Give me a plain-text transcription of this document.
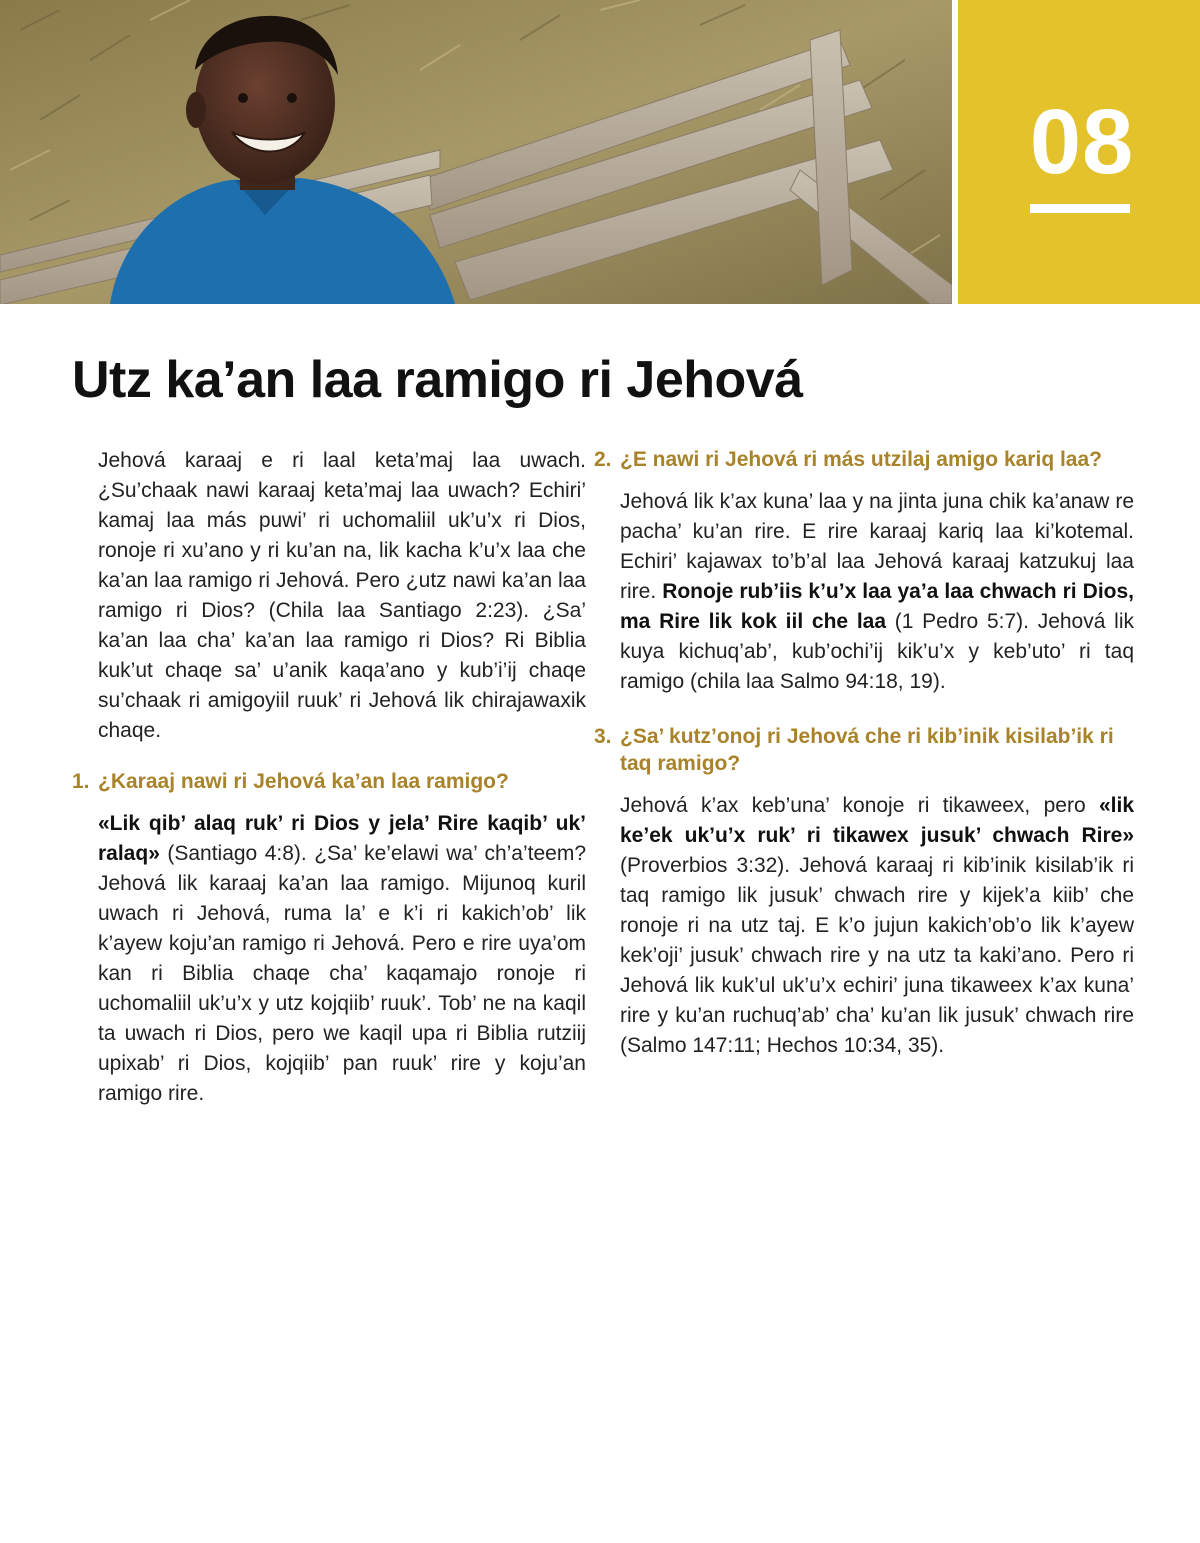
08
Utz ka’an laa ramigo ri Jehová

Jehová karaaj e ri laal keta’maj laa uwach. ¿Su’chaak nawi karaaj keta’maj laa uwach? Echiri’ kamaj laa más puwi’ ri uchomaliil uk’u’x ri Dios, ronoje ri xu’ano y ri ku’an na, lik kacha k’u’x laa che ka’an laa ramigo ri Jehová. Pero ¿utz nawi ka’an laa ramigo ri Dios? (Chila laa Santiago 2:23). ¿Sa’ ka’an laa cha’ ka’an laa ramigo ri Dios? Ri Biblia kuk’ut chaqe sa’ u’anik kaqa’ano y kub’i’ij chaqe su’chaak ri amigoyiil ruuk’ ri Jehová lik chirajawaxik chaqe.

1. ¿Karaaj nawi ri Jehová ka’an laa ramigo?

«Lik qib’ alaq ruk’ ri Dios y jela’ Rire kaqib’ uk’ ralaq» (Santiago 4:8). ¿Sa’ ke’elawi wa’ ch’a’teem? Jehová lik karaaj ka’an laa ramigo. Mijunoq kuril uwach ri Jehová, ruma la’ e k’i ri kakich’ob’ lik k’ayew koju’an ramigo ri Jehová. Pero e rire uya’om kan ri Biblia chaqe cha’ kaqamajo ronoje ri uchomaliil uk’u’x y utz kojqiib’ ruuk’. Tob’ ne na kaqil ta uwach ri Dios, pero we kaqil upa ri Biblia rutziij upixab’ ri Dios, kojqiib’ pan ruuk’ rire y koju’an ramigo rire.

2. ¿E nawi ri Jehová ri más utzilaj amigo kariq laa?

Jehová lik k’ax kuna’ laa y na jinta juna chik ka’anaw re pacha’ ku’an rire. E rire karaaj kariq laa ki’kotemal. Echiri’ kajawax to’b’al laa Jehová karaaj katzukuj laa rire. Ronoje rub’iis k’u’x laa ya’a laa chwach ri Dios, ma Rire lik kok iil che laa (1 Pedro 5:7). Jehová lik kuya kichuq’ab’, kub’ochi’ij kik’u’x y keb’uto’ ri taq ramigo (chila laa Salmo 94:18, 19).

3. ¿Sa’ kutz’onoj ri Jehová che ri kib’inik kisilab’ik ri taq ramigo?

Jehová k’ax keb’una’ konoje ri tikaweex, pero «lik ke’ek uk’u’x ruk’ ri tikawex jusuk’ chwach Rire» (Proverbios 3:32). Jehová karaaj ri kib’inik kisilab’ik ri taq ramigo lik jusuk’ chwach rire y kijek’a kiib’ che ronoje ri na utz taj. E k’o jujun kakich’ob’o lik k’ayew kek’oji’ jusuk’ chwach rire y na utz ta kaki’ano. Pero ri Jehová lik kuk’ul uk’u’x echiri’ juna tikaweex k’ax kuna’ rire y ku’an ruchuq’ab’ cha’ ku’an lik jusuk’ chwach rire (Salmo 147:11; Hechos 10:34, 35).
